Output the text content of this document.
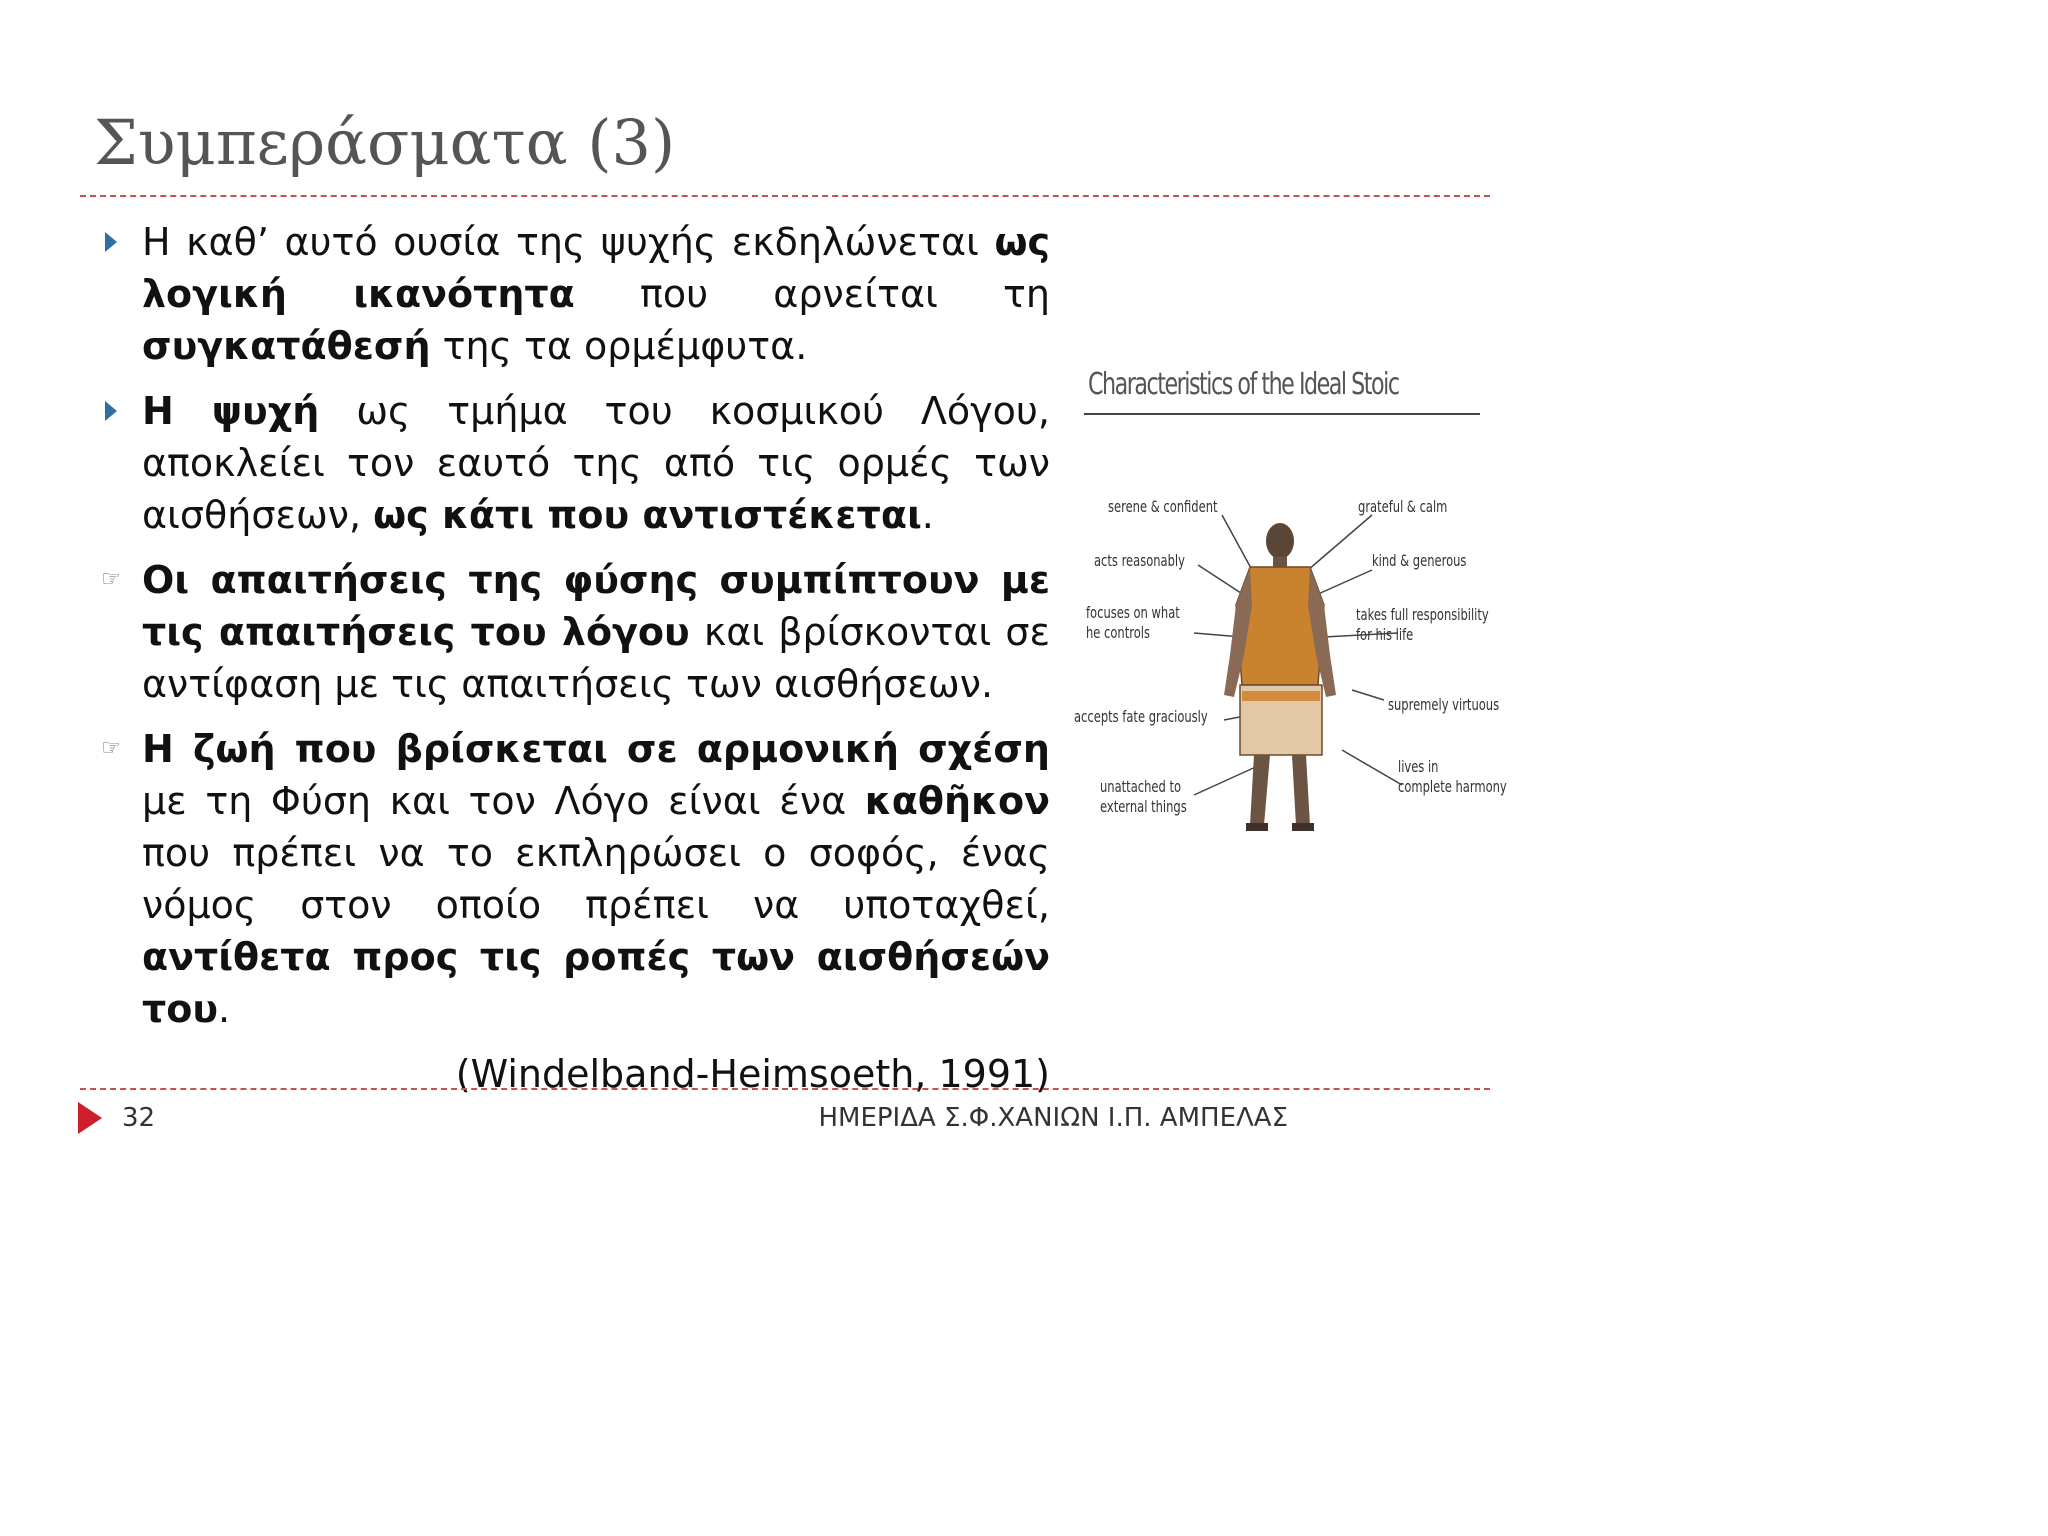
Συμπεράσματα (3)
Η καθ’ αυτό ουσία της ψυχής εκδηλώνεται ως λογική ικανότητα που αρνείται τη συγκατάθεσή της τα ορμέμφυτα.
Η ψυχή ως τμήμα του κοσμικού Λόγου, αποκλείει τον εαυτό της από τις ορμές των αισθήσεων, ως κάτι που αντιστέκεται.
☞ Οι απαιτήσεις της φύσης συμπίπτουν με τις απαιτήσεις του λόγου και βρίσκονται σε αντίφαση με τις απαιτήσεις των αισθήσεων.
☞ Η ζωή που βρίσκεται σε αρμονική σχέση με τη Φύση και τον Λόγο είναι ένα καθῆκον που πρέπει να το εκπληρώσει ο σοφός, ένας νόμος στον οποίο πρέπει να υποταχθεί, αντίθετα προς τις ροπές των αισθήσεών του.
(Windelband-Heimsoeth, 1991)
Characteristics of the Ideal Stoic
serene & confident
acts reasonably
focuses on what
he controls
accepts fate graciously
unattached to
external things
grateful & calm
kind & generous
takes full responsibility
for his life
supremely virtuous
lives in
complete harmony
32	ΗΜΕΡΙΔΑ Σ.Φ.ΧΑΝΙΩΝ Ι.Π. ΑΜΠΕΛΑΣ
